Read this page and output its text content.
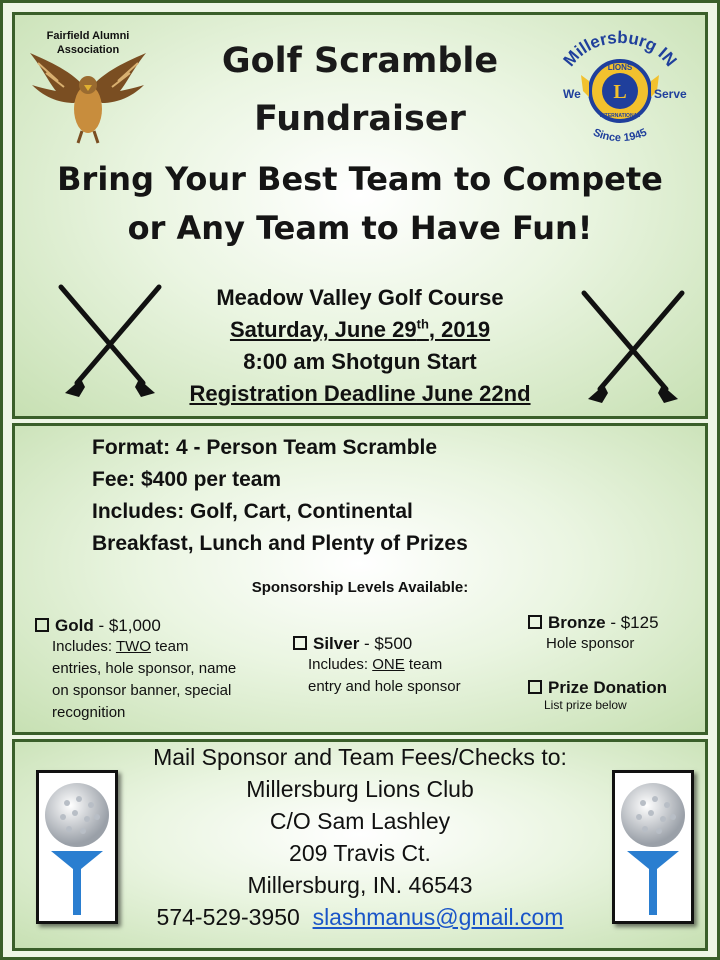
Fairfield Alumni Association	Millersburg IN
L
LIONS
INTERNATIONAL
We	Serve
Since 1945
Golf Scramble
Fundraiser
Bring Your Best Team to Compete
or Any Team to Have Fun!
Meadow Valley Golf Course
Saturday, June 29th, 2019
8:00 am Shotgun Start
Registration Deadline June 22nd
Format: 4 - Person Team Scramble
Fee: $400 per team
Includes: Golf, Cart, Continental
Breakfast, Lunch and Plenty of Prizes
Sponsorship Levels Available:
Gold - $1,000
Includes: TWO team
entries, hole sponsor, name
on sponsor banner, special
recognition
Silver - $500
Includes: ONE team
entry and hole sponsor
Bronze - $125
Hole sponsor
Prize Donation
List prize below
Mail Sponsor and Team Fees/Checks to:
Millersburg Lions Club
C/O Sam Lashley
209 Travis Ct.
Millersburg, IN. 46543
574-529-3950 slashmanus@gmail.com
